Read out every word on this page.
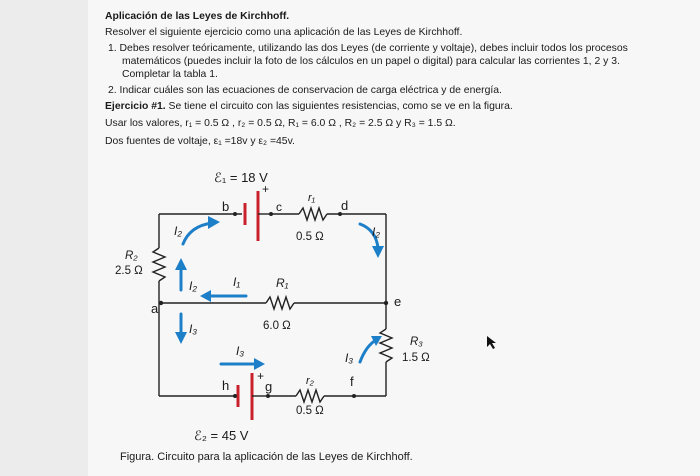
Aplicación de las Leyes de Kirchhoff.
Resolver el siguiente ejercicio como una aplicación de las Leyes de Kirchhoff.
1. Debes resolver teóricamente, utilizando las dos Leyes (de corriente y voltaje), debes incluir todos los procesos
matemáticos (puedes incluir la foto de los cálculos en un papel o digital) para calcular las corrientes 1, 2 y 3.
Completar la tabla 1.
2. Indicar cuáles son las ecuaciones de conservacion de carga eléctrica y de energía.
Ejercicio #1. Se tiene el circuito con las siguientes resistencias, como se ve en la figura.
Usar los valores, r₁ = 0.5 Ω , r₂ = 0.5 Ω, R₁ = 6.0 Ω , R₂ = 2.5 Ω y R₃ = 1.5 Ω.
Dos fuentes de voltaje, ε₁ =18v y ε₂ =45v.
Figura. Circuito para la aplicación de las Leyes de Kirchhoff.
ℰ₁ = 18 V
+
b	c	d
r₁
0.5 Ω
I₂	I₂
R₂
2.5 Ω
I₂	I₁	R₁
6.0 Ω
a	e
I₃
I₃	I₃
R₃
1.5 Ω
f
h
+
g	r₂
0.5 Ω
ℰ₂ = 45 V
